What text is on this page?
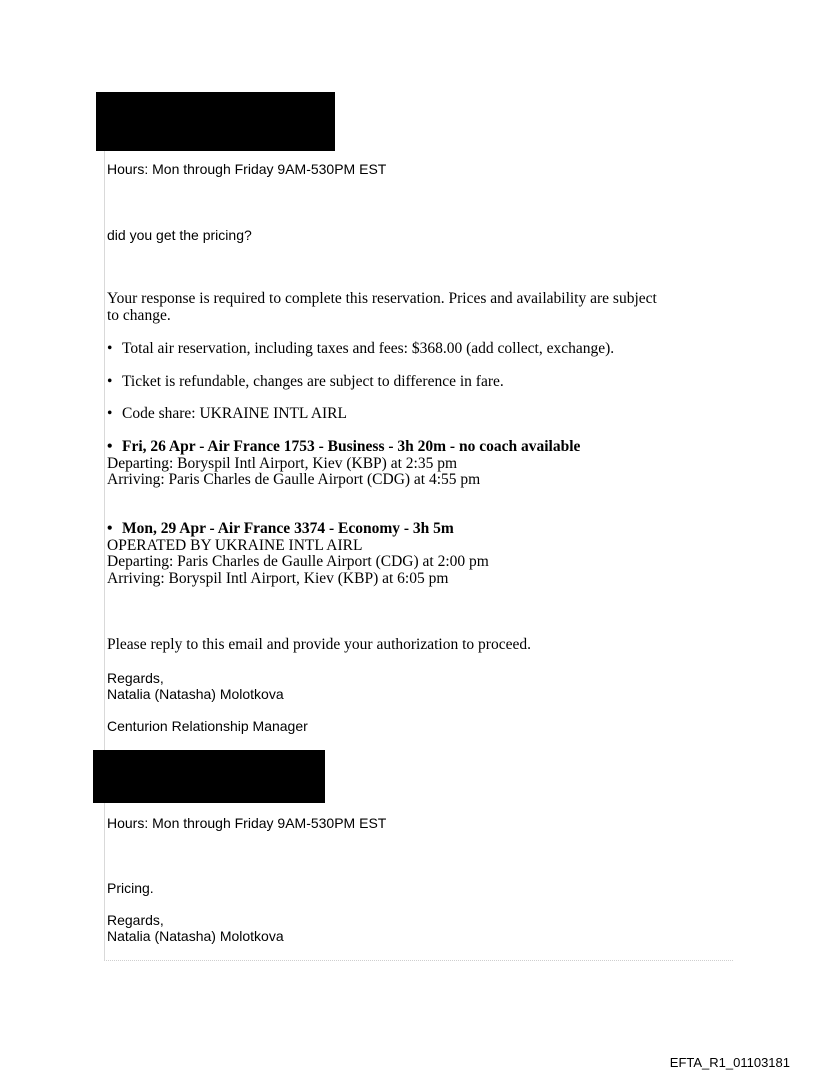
Hours: Mon through Friday 9AM-530PM EST
did you get the pricing?
Your response is required to complete this reservation. Prices and availability are subject
to change.
• Total air reservation, including taxes and fees: $368.00 (add collect, exchange).
• Ticket is refundable, changes are subject to difference in fare.
• Code share: UKRAINE INTL AIRL
• Fri, 26 Apr - Air France 1753 - Business - 3h 20m - no coach available
Departing: Boryspil Intl Airport, Kiev (KBP) at 2:35 pm
Arriving: Paris Charles de Gaulle Airport (CDG) at 4:55 pm
• Mon, 29 Apr - Air France 3374 - Economy - 3h 5m
OPERATED BY UKRAINE INTL AIRL
Departing: Paris Charles de Gaulle Airport (CDG) at 2:00 pm
Arriving: Boryspil Intl Airport, Kiev (KBP) at 6:05 pm
Please reply to this email and provide your authorization to proceed.
Regards,
Natalia (Natasha) Molotkova
Centurion Relationship Manager
Hours: Mon through Friday 9AM-530PM EST
Pricing.
Regards,
Natalia (Natasha) Molotkova
EFTA_R1_01103181
